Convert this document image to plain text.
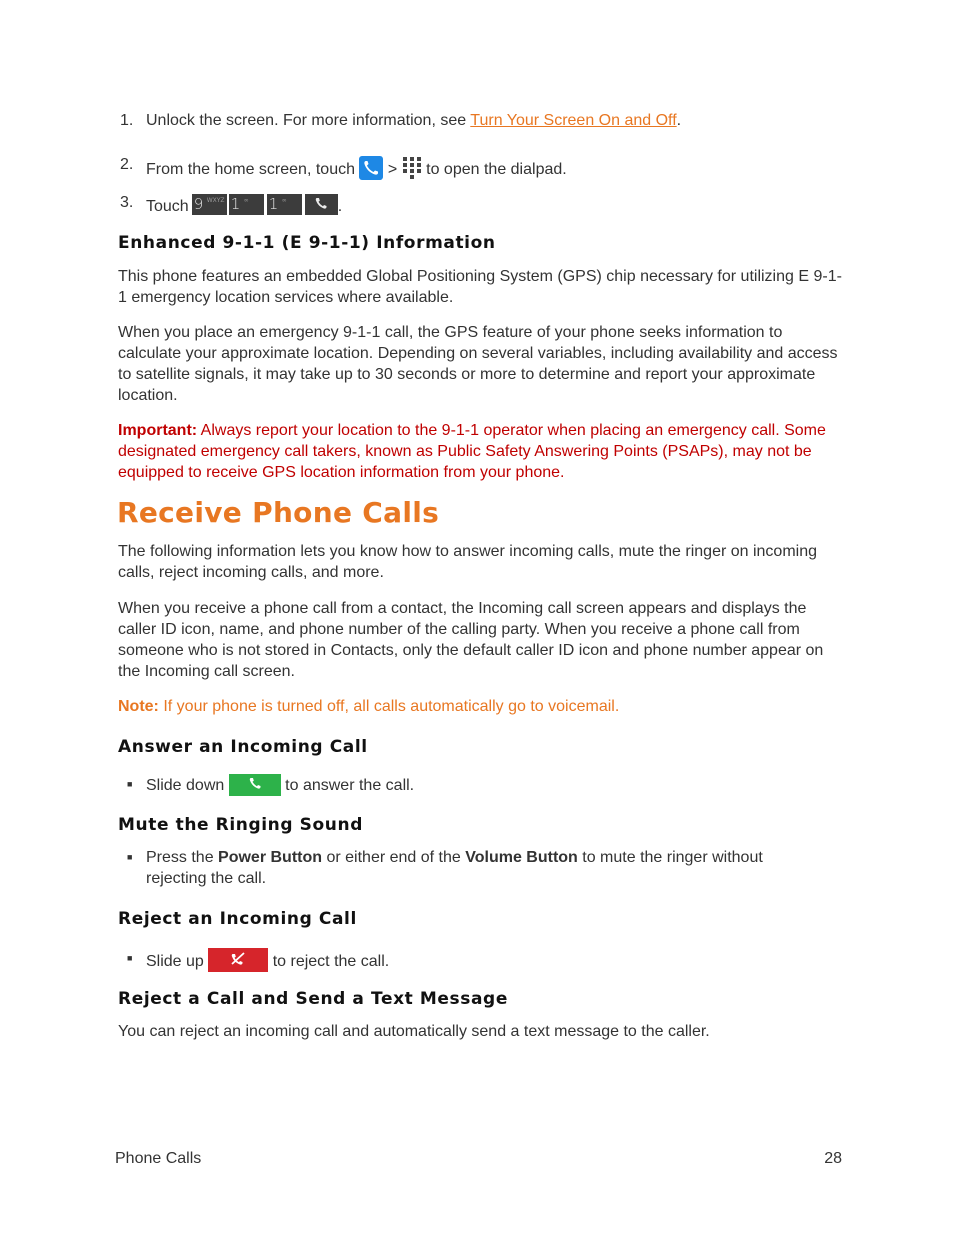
1. Unlock the screen. For more information, see Turn Your Screen On and Off.
2. From the home screen, touch > to open the dialpad.
3. Touch 9 WXYZ 1 ∞ 1 ∞	.
Enhanced 9-1-1 (E 9-1-1) Information

This phone features an embedded Global Positioning System (GPS) chip necessary for utilizing E 9-1-1 emergency location services where available.

When you place an emergency 9-1-1 call, the GPS feature of your phone seeks information to calculate your approximate location. Depending on several variables, including availability and access to satellite signals, it may take up to 30 seconds or more to determine and report your approximate location.

Important: Always report your location to the 9-1-1 operator when placing an emergency call. Some designated emergency call takers, known as Public Safety Answering Points (PSAPs), may not be equipped to receive GPS location information from your phone.

Receive Phone Calls

The following information lets you know how to answer incoming calls, mute the ringer on incoming calls, reject incoming calls, and more.

When you receive a phone call from a contact, the Incoming call screen appears and displays the caller ID icon, name, and phone number of the calling party. When you receive a phone call from someone who is not stored in Contacts, only the default caller ID icon and phone number appear on the Incoming call screen.

Note: If your phone is turned off, all calls automatically go to voicemail.

Answer an Incoming Call
■ Slide down	to answer the call.
Mute the Ringing Sound
■ Press the Power Button or either end of the Volume Button to mute the ringer without rejecting the call.
Reject an Incoming Call
■ Slide up	to reject the call.
Reject a Call and Send a Text Message

You can reject an incoming call and automatically send a text message to the caller.

Phone Calls	28
